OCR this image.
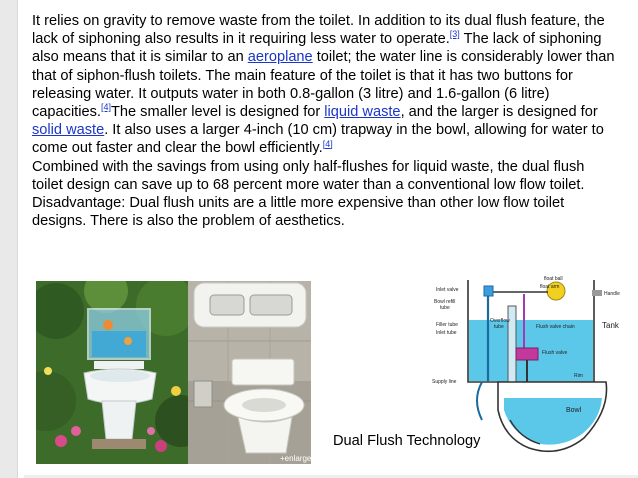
It relies on gravity to remove waste from the toilet. In addition to its dual flush feature, the lack of siphoning also results in it requiring less water to operate.[3] The lack of siphoning also means that it is similar to an aeroplane toilet; the water line is considerably lower than that of siphon-flush toilets. The main feature of the toilet is that it has two buttons for releasing water. It outputs water in both 0.8-gallon (3 litre) and 1.6-gallon (6 litre) capacities.[4]The smaller level is designed for liquid waste, and the larger is designed for solid waste. It also uses a larger 4-inch (10 cm) trapway in the bowl, allowing for water to come out faster and clear the bowl efficiently.[4]

Combined with the savings from using only half-flushes for liquid waste, the dual flush toilet design can save up to 68 percent more water than a conventional low flow toilet.

Disadvantage: Dual flush units are a little more expensive than other low flow toilet designs. There is also the problem of aesthetics.

+enlarge
float ball
Inlet valve	float arm
Handle
Bowl refill
tube
Filler tube
Inlet tube
Overflow
tube	Flush valve chain	Tank
Flush valve
Supply line
Rim
Bowl
Dual Flush Technology
